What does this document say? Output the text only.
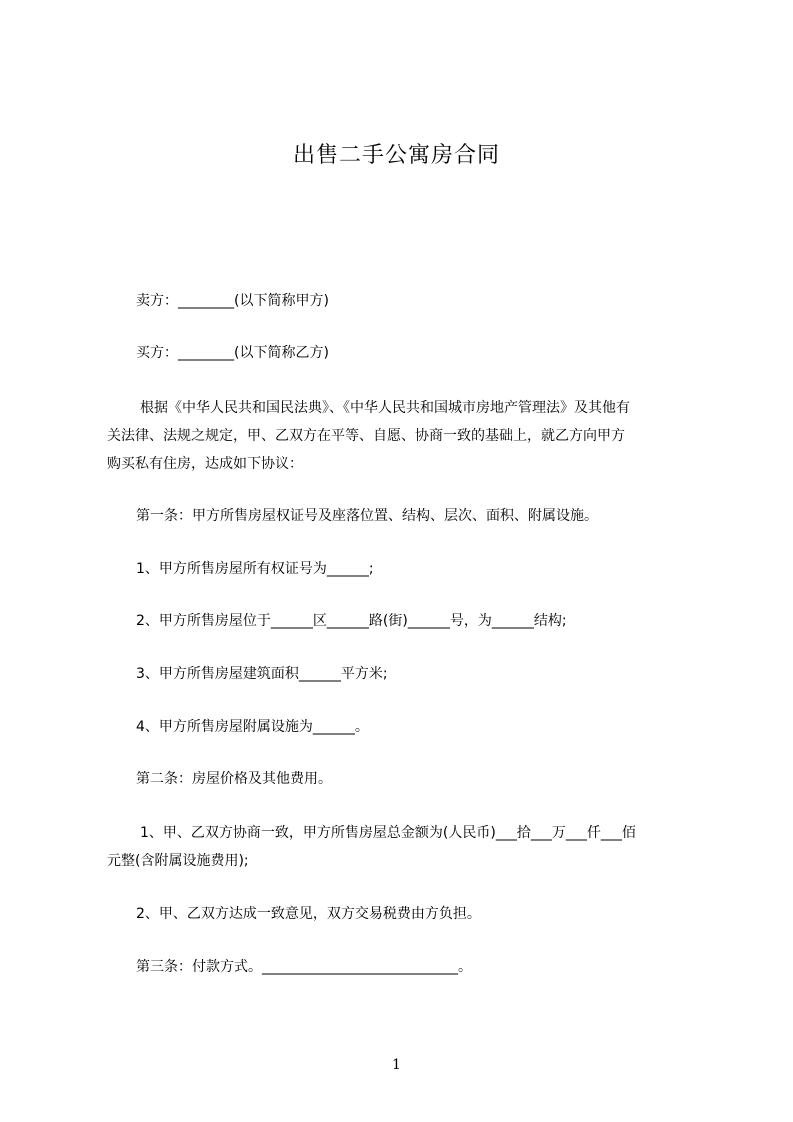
出售二手公寓房合同
卖方：________(以下简称甲方)
买方：________(以下简称乙方)
根据《中华人民共和国民法典》、《中华人民共和国城市房地产管理法》及其他有
关法律、法规之规定，甲、乙双方在平等、自愿、协商一致的基础上，就乙方向甲方
购买私有住房，达成如下协议：
第一条：甲方所售房屋权证号及座落位置、结构、层次、面积、附属设施。
1、甲方所售房屋所有权证号为______;
2、甲方所售房屋位于______区______路(街)______号，为______结构;
3、甲方所售房屋建筑面积______平方米;
4、甲方所售房屋附属设施为______。
第二条：房屋价格及其他费用。
1、甲、乙双方协商一致，甲方所售房屋总金额为(人民币)___拾___万___仟___佰
元整(含附属设施费用);
2、甲、乙双方达成一致意见，双方交易税费由方负担。
第三条：付款方式。____________________________。
1
